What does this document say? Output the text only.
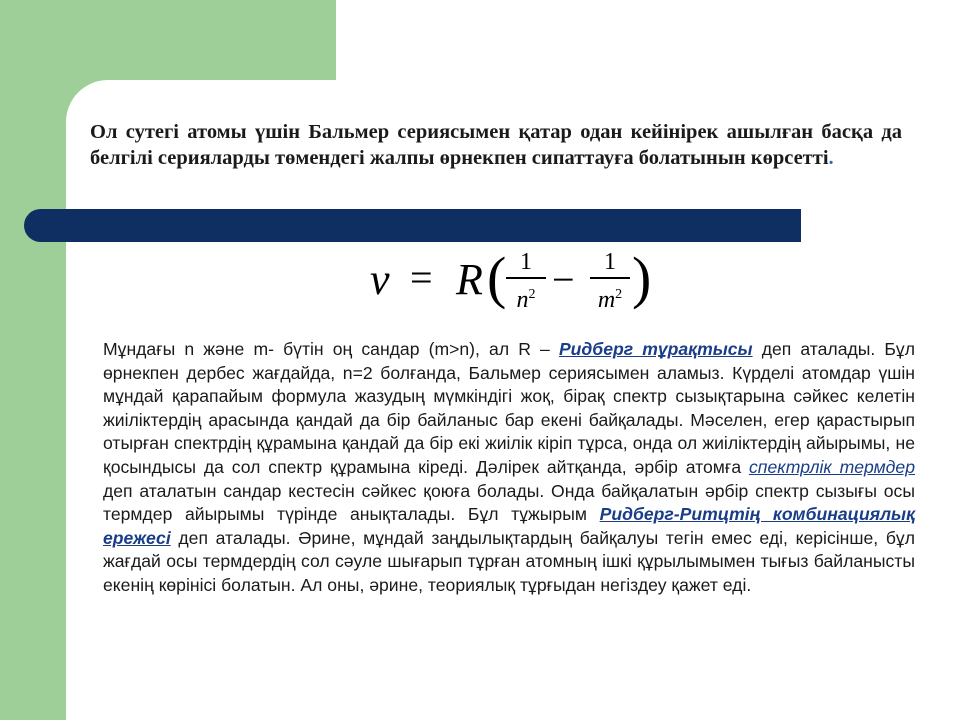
Ол сутегі атомы үшін Бальмер сериясымен қатар одан кейінірек ашылған басқа да белгілі серияларды төмендегі жалпы өрнекпен сипаттауға болатынын көрсетті.

ν = R ( 1
$n^2$ −	1
$m^2$ )

Мұндағы n және m- бүтін оң сандар (m>n), ал R – Ридберг тұрақтысы деп аталады. Бұл өрнекпен дербес жағдайда, n=2 болғанда, Бальмер сериясымен аламыз. Күрделі атомдар үшін мұндай қарапайым формула жазудың мүмкіндігі жоқ, бірақ спектр сызықтарына сәйкес келетін жиіліктердің арасында қандай да бір байланыс бар екені байқалады. Мәселен, егер қарастырып отырған спектрдің құрамына қандай да бір екі жиілік кіріп тұрса, онда ол жиіліктердің айырымы, не қосындысы да сол спектр құрамына кіреді. Дәлірек айтқанда, әрбір атомға спектрлік термдер деп аталатын сандар кестесін сәйкес қоюға болады. Онда байқалатын әрбір спектр сызығы осы термдер айырымы түрінде анықталады. Бұл тұжырым Ридберг-Ритцтің комбинациялық ережесі деп аталады. Әрине, мұндай заңдылықтардың байқалуы тегін емес еді, керісінше, бұл жағдай осы термдердің сол сәуле шығарып тұрған атомның ішкі құрылымымен тығыз байланысты екенің көрінісі болатын. Ал оны, әрине, теориялық тұрғыдан негіздеу қажет еді.
